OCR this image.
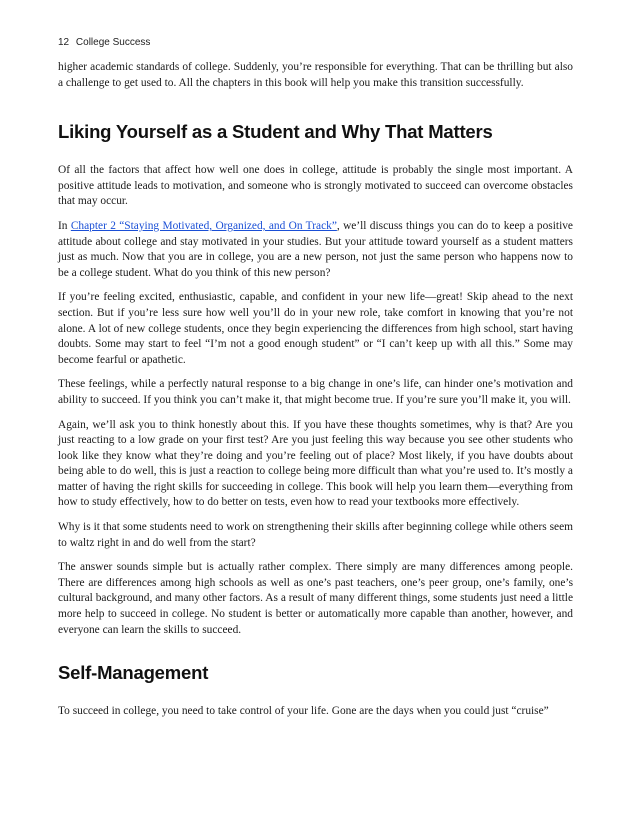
12 College Success

higher academic standards of college. Suddenly, you’re responsible for everything. That can be thrilling but also a challenge to get used to. All the chapters in this book will help you make this transition successfully.

Liking Yourself as a Student and Why That Matters

Of all the factors that affect how well one does in college, attitude is probably the single most important. A positive attitude leads to motivation, and someone who is strongly motivated to succeed can overcome obstacles that may occur.

In Chapter 2 “Staying Motivated, Organized, and On Track”, we’ll discuss things you can do to keep a positive attitude about college and stay motivated in your studies. But your attitude toward yourself as a student matters just as much. Now that you are in college, you are a new person, not just the same person who happens now to be a college student. What do you think of this new person?

If you’re feeling excited, enthusiastic, capable, and confident in your new life—great! Skip ahead to the next section. But if you’re less sure how well you’ll do in your new role, take comfort in knowing that you’re not alone. A lot of new college students, once they begin experiencing the differences from high school, start having doubts. Some may start to feel “I’m not a good enough student” or “I can’t keep up with all this.” Some may become fearful or apathetic.

These feelings, while a perfectly natural response to a big change in one’s life, can hinder one’s motivation and ability to succeed. If you think you can’t make it, that might become true. If you’re sure you’ll make it, you will.

Again, we’ll ask you to think honestly about this. If you have these thoughts sometimes, why is that? Are you just reacting to a low grade on your first test? Are you just feeling this way because you see other students who look like they know what they’re doing and you’re feeling out of place? Most likely, if you have doubts about being able to do well, this is just a reaction to college being more difficult than what you’re used to. It’s mostly a matter of having the right skills for succeeding in college. This book will help you learn them—everything from how to study effectively, how to do better on tests, even how to read your textbooks more effectively.

Why is it that some students need to work on strengthening their skills after beginning college while others seem to waltz right in and do well from the start?

The answer sounds simple but is actually rather complex. There simply are many differences among people. There are differences among high schools as well as one’s past teachers, one’s peer group, one’s family, one’s cultural background, and many other factors. As a result of many different things, some students just need a little more help to succeed in college. No student is better or automatically more capable than another, however, and everyone can learn the skills to succeed.

Self-Management

To succeed in college, you need to take control of your life. Gone are the days when you could just “cruise”
